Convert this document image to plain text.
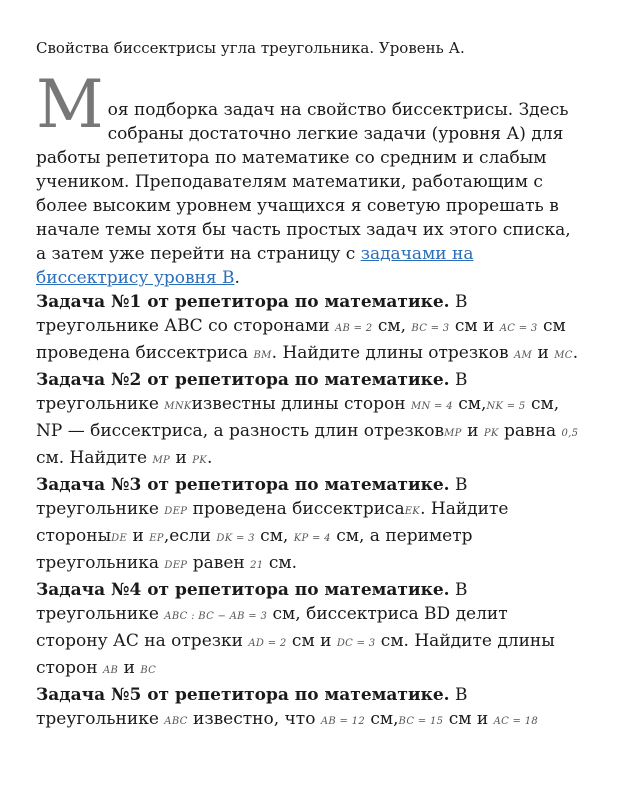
Свойства биссектрисы угла треугольника. Уровень А.

М оя подборка задач на свойство биссектрисы. Здесь
собраны достаточно легкие задачи (уровня А) для работы репетитора по математике со средним и слабым учеником. Преподавателям математики, работающим с более высоким уровнем учащихся я советую прорешать в начале темы хотя бы часть простых задач их этого списка, а затем уже перейти на страницу с задачами на биссектрису уровня В.

Задача №1 от репетитора по математике. В треугольнике АВС со сторонами AB = 2 см, BC = 3 см и AC = 3 см проведена биссектриса BM. Найдите длины отрезков AM и MC.

Задача №2 от репетитора по математике. В треугольнике MNKизвестны длины сторон MN = 4 см,NK = 5 см, NP — биссектриса, а разность длин отрезковMP и PK равна 0,5 см. Найдите MP и PK.

Задача №3 от репетитора по математике. В треугольнике DEP проведена биссектрисаEK. Найдите стороныDE и EP,если DK = 3 см, KP = 4 см, а периметр треугольника DEP равен 21 см.

Задача №4 от репетитора по математике. В треугольнике ABC : BC − AB = 3 см, биссектриса BD делит сторону АС на отрезки AD = 2 см и DC = 3 см. Найдите длины сторон AB и BC

Задача №5 от репетитора по математике. В треугольнике ABC известно, что AB = 12 см,BC = 15 см и AC = 18
